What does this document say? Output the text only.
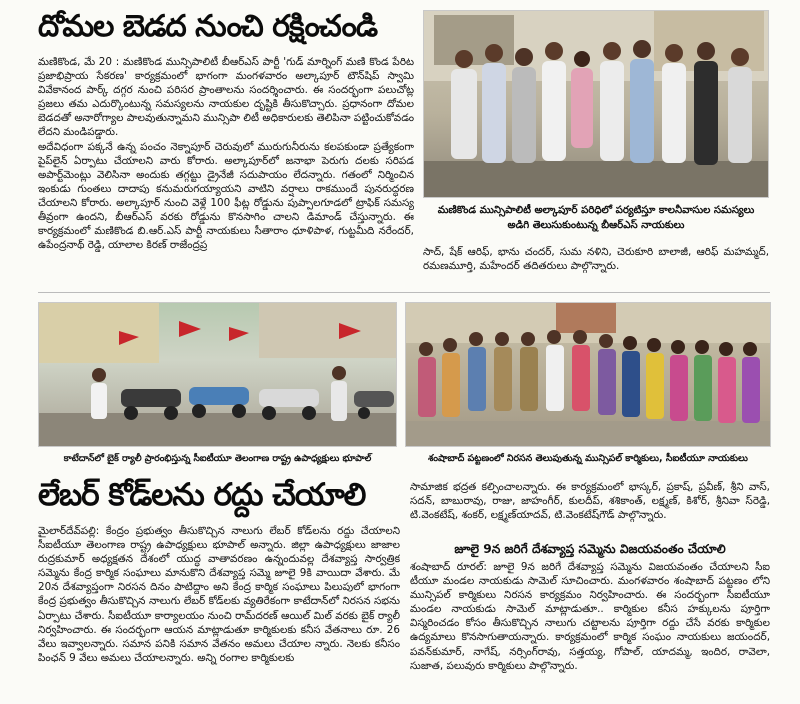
దోమల బెడద నుంచి రక్షించండి

మణికొండ, మే 20 : మణికొండ మున్సిపాలిటీ బీఆర్ఎస్ పార్టీ 'గుడ్ మార్నింగ్ మణి కొండ పేరిట ప్రజాభిప్రాయ సేకరణ' కార్యక్రమంలో భాగంగా మంగళవారం అల్కాపూర్ టౌన్‌షిప్ స్వామి వివేకానంద పార్క్ దగ్గర నుంచి పరిసర ప్రాంతాలను సందర్శించారు. ఈ సందర్భంగా పలుచోట్ల ప్రజలు తమ ఎదుర్కొంటున్న సమస్యలను నాయకుల దృష్టికి తీసుకొచ్చారు. ప్రధానంగా దోమల బెడదతో అనారోగ్యాల పాలవుతున్నామని మున్సిపా లిటీ అధికారులకు తెలిపినా పట్టించుకోవడం లేదని మండిపడ్డారు.

అదేవిధంగా పక్కనే ఉన్న పంచం నెక్నాపూర్ చెరువులో మురుగునీరును కలపకుండా ప్రత్యేకంగా పైప్‌లైన్ ఏర్పాటు చేయాలని వారు కోరారు. అల్కాపూర్‌లో జనాభా పెరుగు దలకు సరిపడ అపార్ట్‌మెంట్లు వెలిసినా అందుకు తగ్గట్టు డ్రైనేజీ సదుపాయం లేదన్నారు. గతంలో నిర్మించిన ఇంకుడు గుంతలు దాదాపు కనుమరుగయ్యాయని వాటిని వర్షాలు రాకముందే పునరుద్ధరణ చేయాలని కోరారు. అల్కాపూర్ నుంచి వెళ్లే 100 ఫీట్ల రోడ్డును పుప్పాలగూడలో ట్రాఫిక్ సమస్య తీవ్రంగా ఉందని, బీఆర్ఎస్ వరకు రోడ్డును కొనసాగిం చాలని డిమాండ్ చేస్తున్నారు. ఈ కార్యక్రమంలో మణికొండ బి.ఆర్.ఎస్ పార్టీ నాయకులు సీతారాం ధూళిపాళ, గుట్టమీది నరేందర్, ఉపేంద్రనాథ్ రెడ్డి, యాలాల కిరణ్ రాజేంద్రప్ర

మణికొండ మున్సిపాలిటీ అల్కాపూర్ పరిధిలో పర్యటిస్తూ కాలనీవాసుల సమస్యలు
అడిగి తెలుసుకుంటున్న బీఆర్ఎస్ నాయకులు
సాద్, షేక్ ఆరిఫ్, భాను చందర్, సుమ నళిని, చెరుకూరి బాలాజీ, ఆరిఫ్ మహమ్మద్, రమణమూర్తి, మహేందర్ తదితరులు పాల్గొన్నారు.
కాటేదాన్‌లో బైక్ ర్యాలీ ప్రారంభిస్తున్న సీఐటీయూ తెలంగాణ రాష్ట్ర ఉపాధ్యక్షులు భూపాల్	శంషాబాద్ పట్టణంలో నిరసన తెలుపుతున్న మున్సిపల్ కార్మికులు, సీఐటీయూ నాయకులు
లేబర్ కోడ్‌లను రద్దు చేయాలి

మైలార్‌దేవ్‌పల్లి: కేంద్రం ప్రభుత్వం తీసుకొచ్చిన నాలుగు లేబర్ కోడ్‌లను రద్దు చేయాలని సీఐటీయూ తెలంగాణ రాష్ట్ర ఉపాధ్యక్షులు భూపాల్ అన్నారు. జిల్లా ఉపాధ్యక్షులు జాజాల రుద్రకుమార్ అధ్యక్షతన దేశంలో యుద్ధ వాతావరణం ఉన్నందువల్ల దేశవ్యాప్త సార్వత్రిక సమ్మెను కేంద్ర కార్మిక సంఘాలు మానుకొని దేశవ్యాప్త సమ్మె జూలై 9కి వాయిదా వేశారు. మే 20న దేశవ్యాప్తంగా నిరసన దినం పాటిద్దాం అని కేంద్ర కార్మిక సంఘాలు పిలుపులో భాగంగా కేంద్ర ప్రభుత్వం తీసుకొచ్చిన నాలుగు లేబర్ కోడ్‌లకు వ్యతిరేకంగా కాటేదాన్‌లో నిరసన సభను ఏర్పాటు చేశారు. సీఐటీయూ కార్యాలయం నుంచి రామ్‌దరణ్ ఆయిల్ మిల్ వరకు బైక్ ర్యాలీ నిర్వహించారు. ఈ సందర్భంగా ఆయన మాట్లాడుతూ కార్మికులకు కనీస వేతనాలు రూ. 26 వేలు ఇవ్వాలన్నారు. సమాన పనికి సమాన వేతనం అమలు చేయాల న్నారు. నెలకు కనీసం పింఛన్ 9 వేలు అమలు చేయాలన్నారు. అన్ని రంగాల కార్మికులకు

సామాజిక భద్రత కల్పించాలన్నారు. ఈ కార్యక్రమంలో భాస్కర్, ప్రకాష్, ప్రవీణ్, శ్రీని వాస్, సదన్, బాబురావు, రాజు, జాహంగీర్, కులదీప్, శశికాంత్, లక్ష్మణ్, కిశోర్, శ్రీనివా స్‌రెడ్డి, టి.వెంకటేష్, శంకర్, లక్ష్మణ్‌యాదవ్, టి.వెంకటేష్‌గౌడ్ పాల్గొన్నారు.
జూలై 9న జరిగే దేశవ్యాప్త సమ్మెను విజయవంతం చేయాలి

శంషాబాద్ రూరల్: జూలై 9న జరిగే దేశవ్యాప్త సమ్మెను విజయవంతం చేయాలని సీఐ టీయూ మండల నాయకుడు సామెల్ సూచించారు. మంగళవారం శంషాబాద్ పట్టణం లోని మున్సిపల్ కార్మికులు నిరసన కార్యక్రమం నిర్వహించారు. ఈ సందర్భంగా సీఐటీయూ మండల నాయకుడు సామెల్ మాట్లాడుతూ.. కార్మికుల కనీస హక్కులను పూర్తిగా విస్మరించడం కోసం తీసుకొచ్చిన నాలుగు చట్టాలను పూర్తిగా రద్దు చేసే వరకు కార్మికుల ఉద్యమాలు కొనసాగుతాయన్నారు. కార్యక్రమంలో కార్మిక సంఘం నాయకులు జయందర్, పవన్‌కుమార్, నాగేష్, నర్సింగ్‌రావు, సత్తయ్య, గోపాల్, యాదమ్మ, ఇందిర, రావెలా, సుజాత, పలువురు కార్మికులు పాల్గొన్నారు.
